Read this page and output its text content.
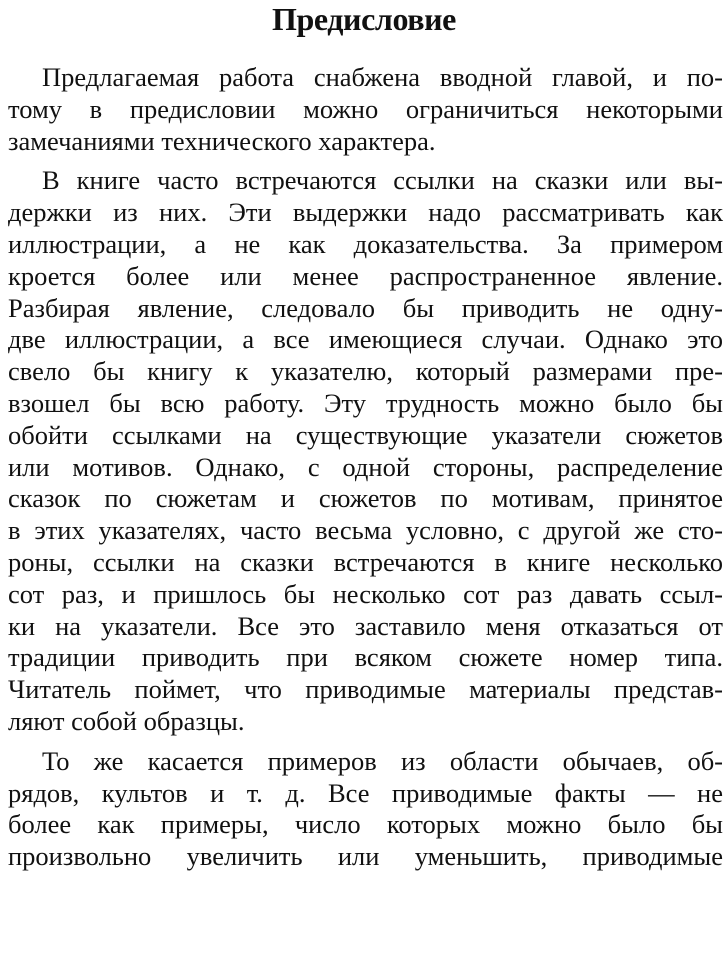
Предисловие

Предлагаемая работа снабжена вводной главой, и по-
тому в предисловии можно ограничиться некоторыми
замечаниями технического характера.

В книге часто встречаются ссылки на сказки или вы-
держки из них. Эти выдержки надо рассматривать как
иллюстрации, а не как доказательства. За примером
кроется более или менее распространенное явление.
Разбирая явление, следовало бы приводить не одну-
две иллюстрации, а все имеющиеся случаи. Однако это
свело бы книгу к указателю, который размерами пре-
взошел бы всю работу. Эту трудность можно было бы
обойти ссылками на существующие указатели сюжетов
или мотивов. Однако, с одной стороны, распределение
сказок по сюжетам и сюжетов по мотивам, принятое
в этих указателях, часто весьма условно, с другой же сто-
роны, ссылки на сказки встречаются в книге несколько
сот раз, и пришлось бы несколько сот раз давать ссыл-
ки на указатели. Все это заставило меня отказаться от
традиции приводить при всяком сюжете номер типа.
Читатель поймет, что приводимые материалы представ-
ляют собой образцы.

То же касается примеров из области обычаев, об-
рядов, культов и т. д. Все приводимые факты — не
более как примеры, число которых можно было бы
произвольно увеличить или уменьшить, приводимые
